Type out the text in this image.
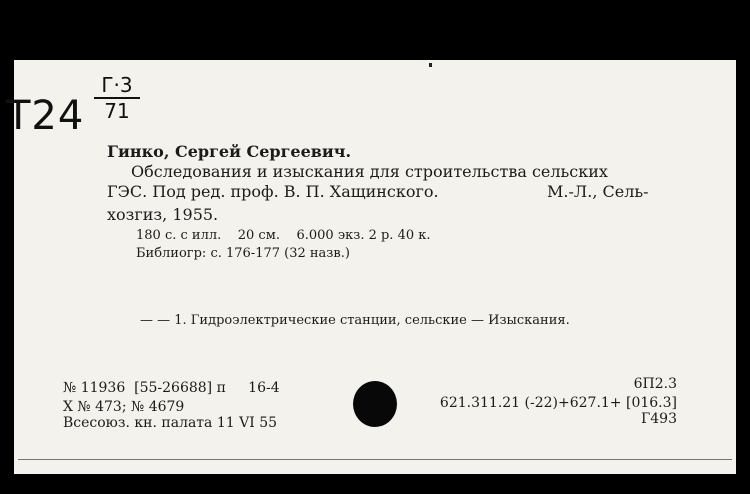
T24
Г·3
71
Гинко, Сергей Сергеевич.
Обследования и изыскания для строительства сельских
ГЭС. Под ред. проф. В. П. Хащинского.	М.-Л., Сель-
хозгиз, 1955.
180 с. с илл.    20 см.    6.000 экз. 2 р. 40 к.
Библиогр: с. 176-177 (32 назв.)
— — 1. Гидроэлектрические станции, сельские — Изыскания.
№ 11936  [55-26688] п     16-4
X № 473; № 4679
Всесоюз. кн. палата 11 VI 55
6П2.3
621.311.21 (-22)+627.1+ [016.3]
Г493
